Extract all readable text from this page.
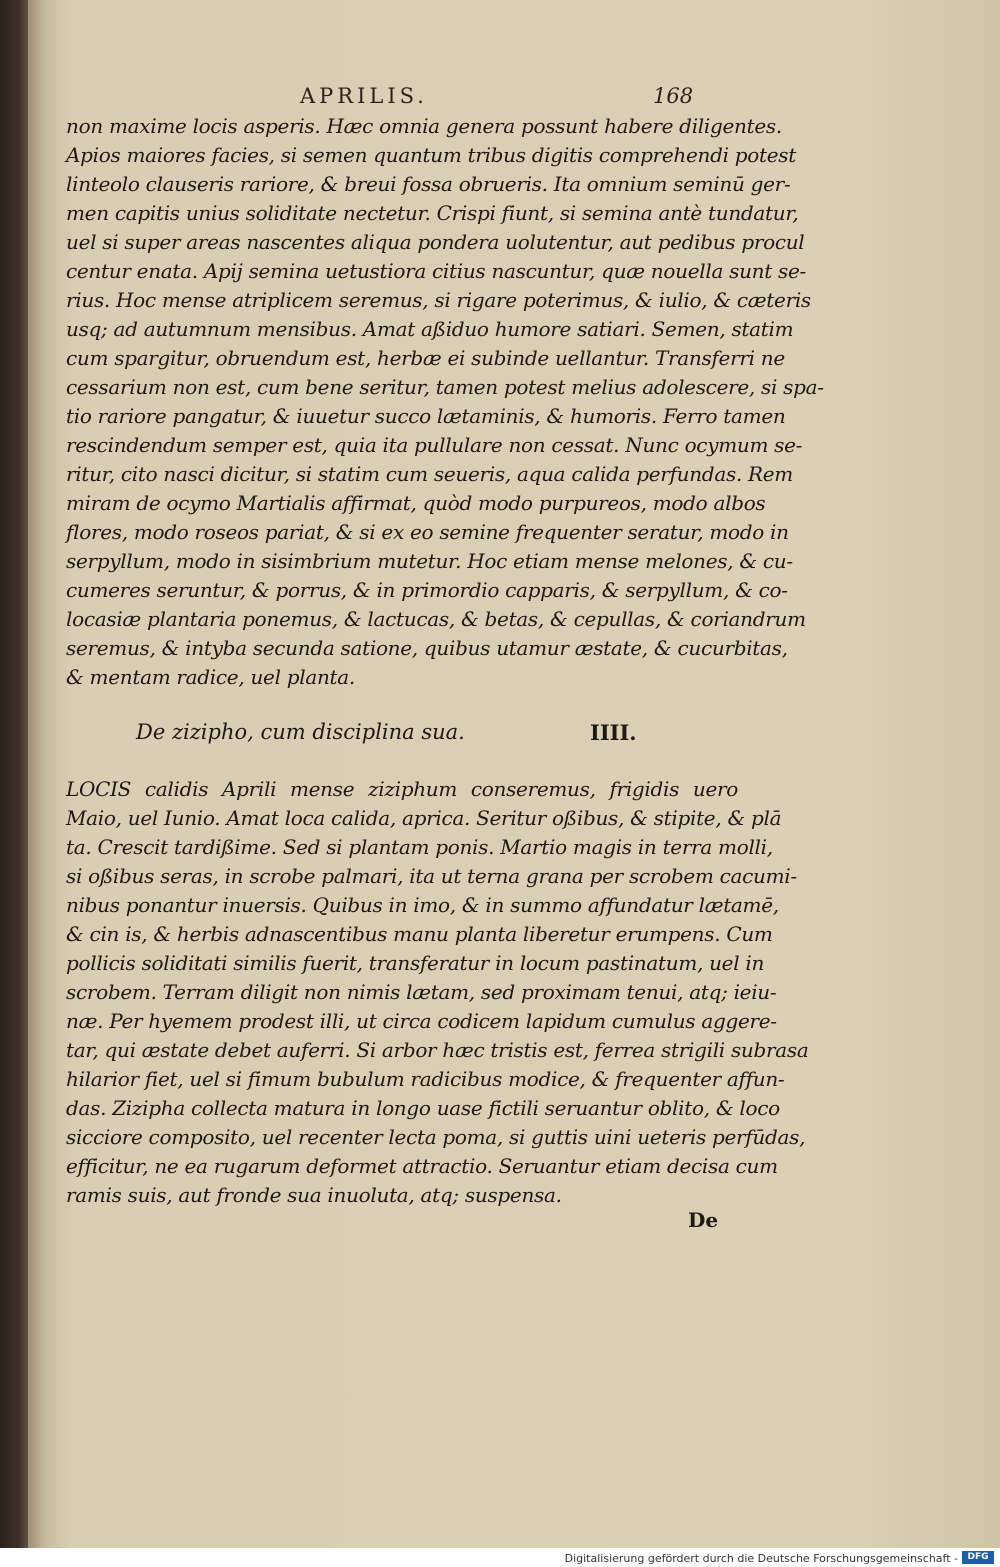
APRILIS.	168
non maxime locis asperis. Hæc omnia genera possunt habere diligentes.
Apios maiores facies, si semen quantum tribus digitis comprehendi potest
linteolo clauseris rariore, & breui fossa obrueris. Ita omnium seminū ger-
men capitis unius soliditate nectetur. Crispi fiunt, si semina antè tundatur,
uel si super areas nascentes aliqua pondera uolutentur, aut pedibus procul
centur enata. Apij semina uetustiora citius nascuntur, quæ nouella sunt se-
rius. Hoc mense atriplicem seremus, si rigare poterimus, & iulio, & cæteris
usq; ad autumnum mensibus. Amat aßiduo humore satiari. Semen, statim
cum spargitur, obruendum est, herbæ ei subinde uellantur. Transferri ne
cessarium non est, cum bene seritur, tamen potest melius adolescere, si spa-
tio rariore pangatur, & iuuetur succo lætaminis, & humoris. Ferro tamen
rescindendum semper est, quia ita pullulare non cessat. Nunc ocymum se-
ritur, cito nasci dicitur, si statim cum seueris, aqua calida perfundas. Rem
miram de ocymo Martialis affirmat, quòd modo purpureos, modo albos
flores, modo roseos pariat, & si ex eo semine frequenter seratur, modo in
serpyllum, modo in sisimbrium mutetur. Hoc etiam mense melones, & cu-
cumeres seruntur, & porrus, & in primordio capparis, & serpyllum, & co-
locasiæ plantaria ponemus, & lactucas, & betas, & cepullas, & coriandrum
seremus, & intyba secunda satione, quibus utamur æstate, & cucurbitas,
& mentam radice, uel planta.
De zizipho, cum disciplina sua.	IIII.
LOCIS calidis Aprili mense ziziphum conseremus, frigidis uero
Maio, uel Iunio. Amat loca calida, aprica. Seritur oßibus, & stipite, & plā
ta. Crescit tardißime. Sed si plantam ponis. Martio magis in terra molli,
si oßibus seras, in scrobe palmari, ita ut terna grana per scrobem cacumi-
nibus ponantur inuersis. Quibus in imo, & in summo affundatur lætamē,
& cin is, & herbis adnascentibus manu planta liberetur erumpens. Cum
pollicis soliditati similis fuerit, transferatur in locum pastinatum, uel in
scrobem. Terram diligit non nimis lætam, sed proximam tenui, atq; ieiu-
næ. Per hyemem prodest illi, ut circa codicem lapidum cumulus aggere-
tar, qui æstate debet auferri. Si arbor hæc tristis est, ferrea strigili subrasa
hilarior fiet, uel si fimum bubulum radicibus modice, & frequenter affun-
das. Zizipha collecta matura in longo uase fictili seruantur oblito, & loco
sicciore composito, uel recenter lecta poma, si guttis uini ueteris perfūdas,
efficitur, ne ea rugarum deformet attractio. Seruantur etiam decisa cum
ramis suis, aut fronde sua inuoluta, atq; suspensa.
De
Digitalisierung gefördert durch die Deutsche Forschungsgemeinschaft -	DFG
